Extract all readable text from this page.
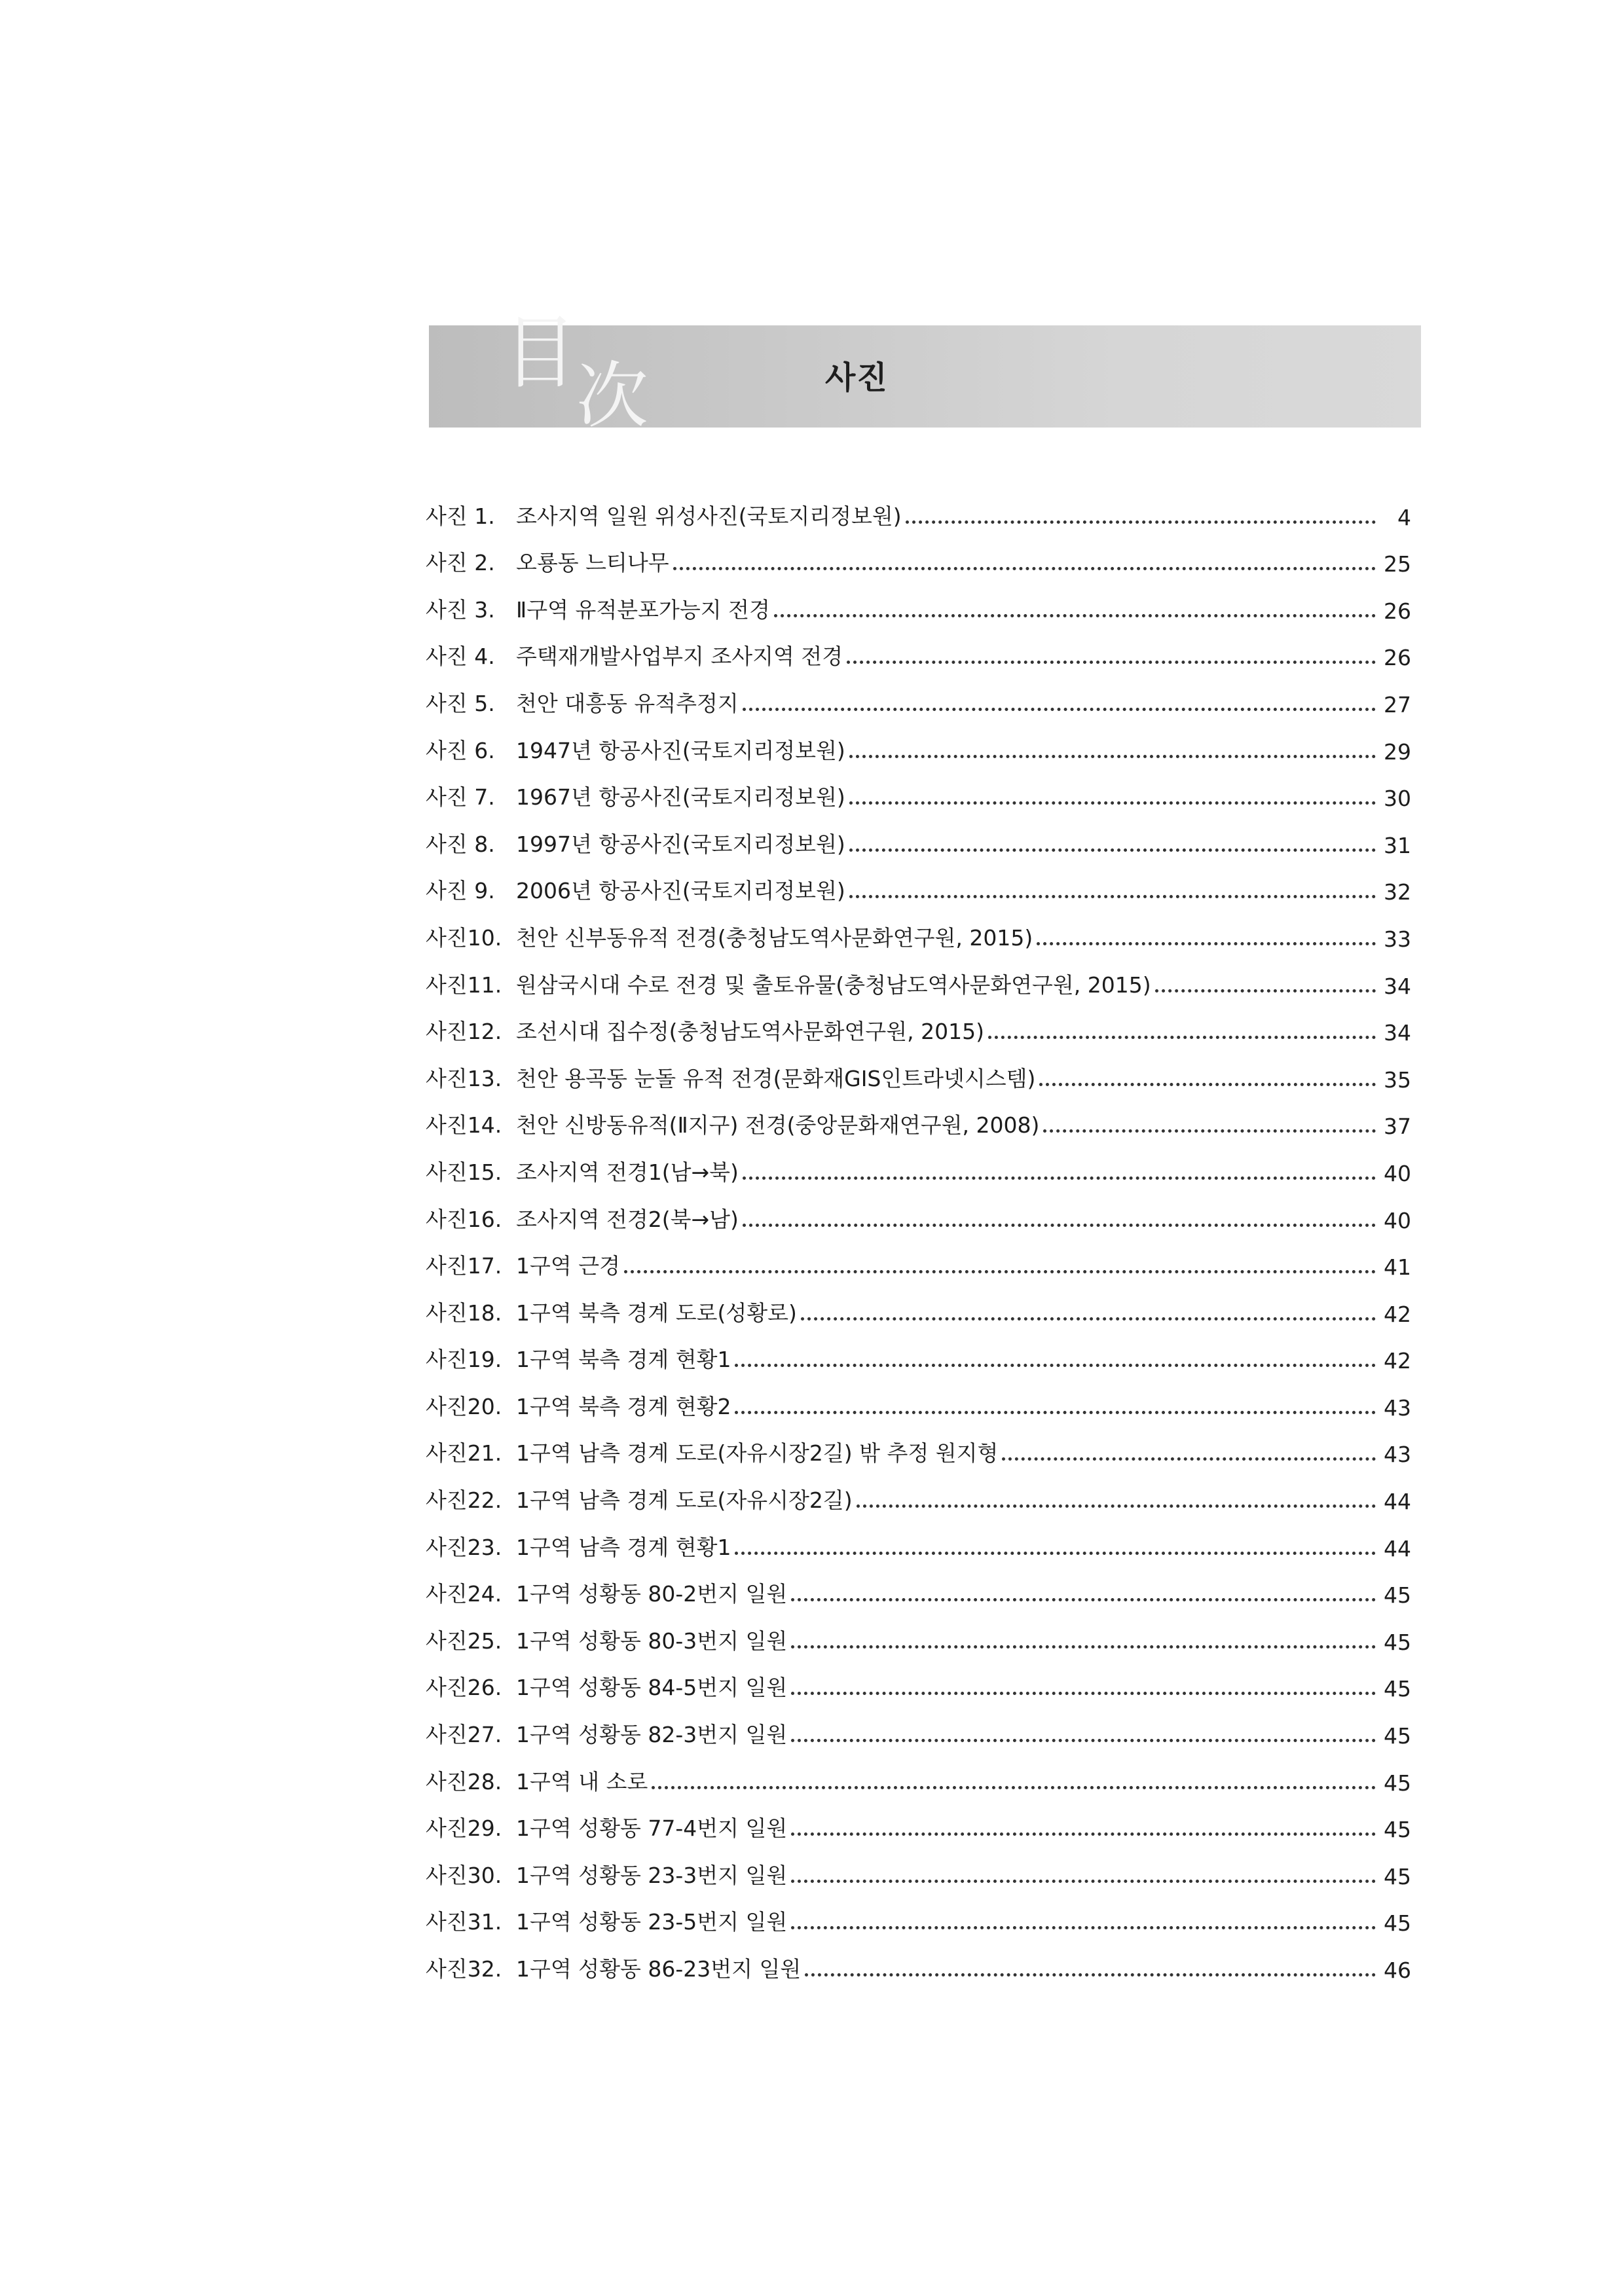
目 次	사진
사진 1. 조사지역 일원 위성사진(국토지리정보원)	4
사진 2. 오룡동 느티나무	25
사진 3. Ⅱ구역 유적분포가능지 전경	26
사진 4. 주택재개발사업부지 조사지역 전경	26
사진 5. 천안 대흥동 유적추정지	27
사진 6. 1947년 항공사진(국토지리정보원)	29
사진 7. 1967년 항공사진(국토지리정보원)	30
사진 8. 1997년 항공사진(국토지리정보원)	31
사진 9. 2006년 항공사진(국토지리정보원)	32
사진10. 천안 신부동유적 전경(충청남도역사문화연구원, 2015)	33
사진11. 원삼국시대 수로 전경 및 출토유물(충청남도역사문화연구원, 2015)	34
사진12. 조선시대 집수정(충청남도역사문화연구원, 2015)	34
사진13. 천안 용곡동 눈돌 유적 전경(문화재GIS인트라넷시스템)	35
사진14. 천안 신방동유적(Ⅱ지구) 전경(중앙문화재연구원, 2008)	37
사진15. 조사지역 전경1(남→북)	40
사진16. 조사지역 전경2(북→남)	40
사진17. 1구역 근경	41
사진18. 1구역 북측 경계 도로(성황로)	42
사진19. 1구역 북측 경계 현황1	42
사진20. 1구역 북측 경계 현황2	43
사진21. 1구역 남측 경계 도로(자유시장2길) 밖 추정 원지형	43
사진22. 1구역 남측 경계 도로(자유시장2길)	44
사진23. 1구역 남측 경계 현황1	44
사진24. 1구역 성황동 80-2번지 일원	45
사진25. 1구역 성황동 80-3번지 일원	45
사진26. 1구역 성황동 84-5번지 일원	45
사진27. 1구역 성황동 82-3번지 일원	45
사진28. 1구역 내 소로	45
사진29. 1구역 성황동 77-4번지 일원	45
사진30. 1구역 성황동 23-3번지 일원	45
사진31. 1구역 성황동 23-5번지 일원	45
사진32. 1구역 성황동 86-23번지 일원	46
